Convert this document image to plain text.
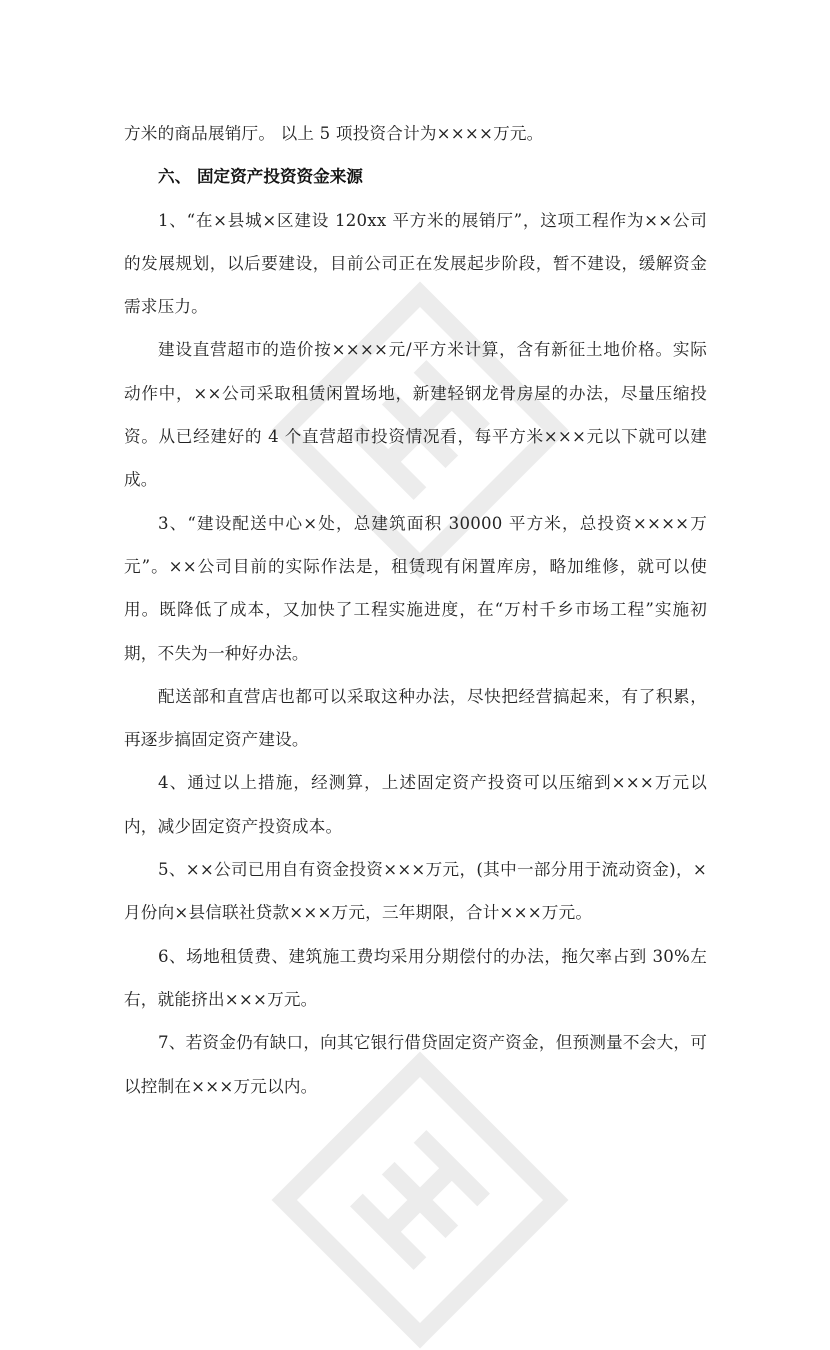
方米的商品展销厅。 以上 5 项投资合计为××××万元。

六、 固定资产投资资金来源

1、“在×县城×区建设 120xx 平方米的展销厅”，这项工程作为××公司的发展规划，以后要建设，目前公司正在发展起步阶段，暂不建设，缓解资金需求压力。

建设直营超市的造价按××××元/平方米计算，含有新征土地价格。实际动作中，××公司采取租赁闲置场地，新建轻钢龙骨房屋的办法，尽量压缩投资。从已经建好的 4 个直营超市投资情况看，每平方米×××元以下就可以建成。

3、“建设配送中心×处，总建筑面积 30000 平方米，总投资××××万元”。××公司目前的实际作法是，租赁现有闲置库房，略加维修，就可以使用。既降低了成本，又加快了工程实施进度，在“万村千乡市场工程”实施初期，不失为一种好办法。

配送部和直营店也都可以采取这种办法，尽快把经营搞起来，有了积累，再逐步搞固定资产建设。

4、通过以上措施，经测算，上述固定资产投资可以压缩到×××万元以内，减少固定资产投资成本。

5、××公司已用自有资金投资×××万元，(其中一部分用于流动资金)，×月份向×县信联社贷款×××万元，三年期限，合计×××万元。

6、场地租赁费、建筑施工费均采用分期偿付的办法，拖欠率占到 30%左右，就能挤出×××万元。

7、若资金仍有缺口，向其它银行借贷固定资产资金，但预测量不会大，可以控制在×××万元以内。
